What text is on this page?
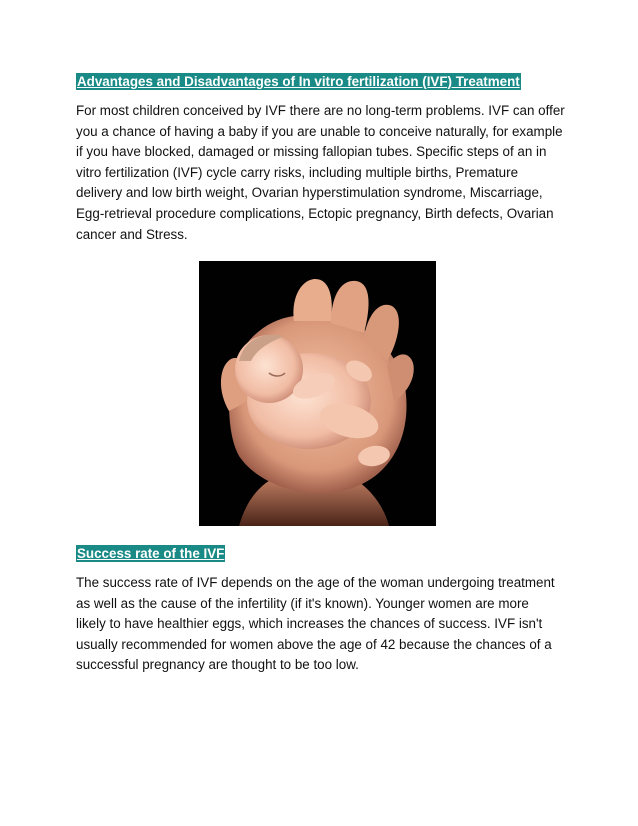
Advantages and Disadvantages of In vitro fertilization (IVF) Treatment
For most children conceived by IVF there are no long-term problems. IVF can offer
you a chance of having a baby if you are unable to conceive naturally, for example
if you have blocked, damaged or missing fallopian tubes. Specific steps of an in
vitro fertilization (IVF) cycle carry risks, including multiple births, Premature
delivery and low birth weight, Ovarian hyperstimulation syndrome, Miscarriage,
Egg-retrieval procedure complications, Ectopic pregnancy, Birth defects, Ovarian
cancer and Stress.
Success rate of the IVF
The success rate of IVF depends on the age of the woman undergoing treatment
as well as the cause of the infertility (if it's known). Younger women are more
likely to have healthier eggs, which increases the chances of success. IVF isn't
usually recommended for women above the age of 42 because the chances of a
successful pregnancy are thought to be too low.
